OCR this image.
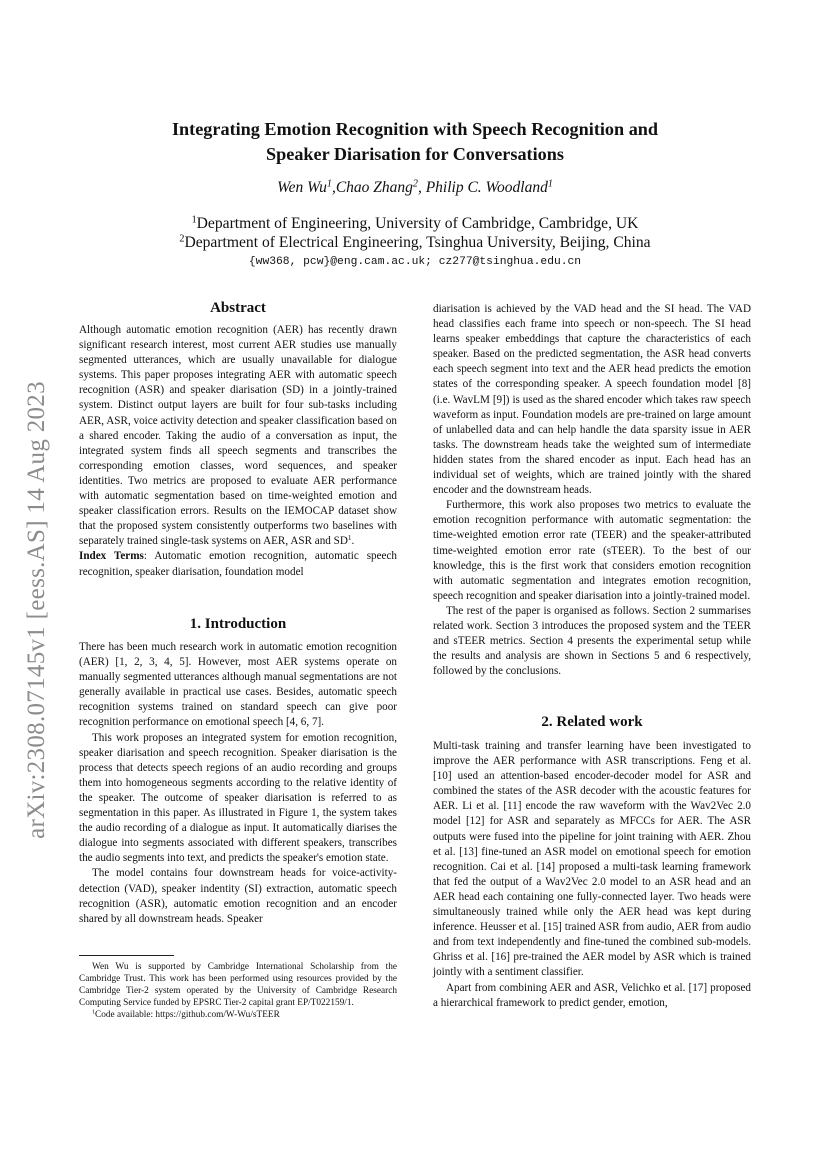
arXiv:2308.07145v1 [eess.AS] 14 Aug 2023
Integrating Emotion Recognition with Speech Recognition and
Speaker Diarisation for Conversations
Wen Wu$^1$,Chao Zhang$^2$, Philip C. Woodland$^1$
$^1$Department of Engineering, University of Cambridge, Cambridge, UK
$^2$Department of Electrical Engineering, Tsinghua University, Beijing, China
{ww368, pcw}@eng.cam.ac.uk; cz277@tsinghua.edu.cn
Abstract

Although automatic emotion recognition (AER) has recently drawn significant research interest, most current AER studies use manually segmented utterances, which are usually unavailable for dialogue systems. This paper proposes integrating AER with automatic speech recognition (ASR) and speaker diarisation (SD) in a jointly-trained system. Distinct output layers are built for four sub-tasks including AER, ASR, voice activity detection and speaker classification based on a shared encoder. Taking the audio of a conversation as input, the integrated system finds all speech segments and transcribes the corresponding emotion classes, word sequences, and speaker identities. Two metrics are proposed to evaluate AER performance with automatic segmentation based on time-weighted emotion and speaker classification errors. Results on the IEMOCAP dataset show that the proposed system consistently outperforms two baselines with separately trained single-task systems on AER, ASR and $SD^1$.

Index Terms: Automatic emotion recognition, automatic speech recognition, speaker diarisation, foundation model

1. Introduction

There has been much research work in automatic emotion recognition (AER) [1, 2, 3, 4, 5]. However, most AER systems operate on manually segmented utterances although manual segmentations are not generally available in practical use cases. Besides, automatic speech recognition systems trained on standard speech can give poor recognition performance on emotional speech [4, 6, 7].

This work proposes an integrated system for emotion recognition, speaker diarisation and speech recognition. Speaker diarisation is the process that detects speech regions of an audio recording and groups them into homogeneous segments according to the relative identity of the speaker. The outcome of speaker diarisation is referred to as segmentation in this paper. As illustrated in Figure 1, the system takes the audio recording of a dialogue as input. It automatically diarises the dialogue into segments associated with different speakers, transcribes the audio segments into text, and predicts the speaker's emotion state.

The model contains four downstream heads for voice-activity-detection (VAD), speaker indentity (SI) extraction, automatic speech recognition (ASR), automatic emotion recognition and an encoder shared by all downstream heads. Speaker

Wen Wu is supported by Cambridge International Scholarship from the Cambridge Trust. This work has been performed using resources provided by the Cambridge Tier-2 system operated by the University of Cambridge Research Computing Service funded by EPSRC Tier-2 capital grant EP/T022159/1.

$^1$Code available: https://github.com/W-Wu/sTEER

diarisation is achieved by the VAD head and the SI head. The VAD head classifies each frame into speech or non-speech. The SI head learns speaker embeddings that capture the characteristics of each speaker. Based on the predicted segmentation, the ASR head converts each speech segment into text and the AER head predicts the emotion states of the corresponding speaker. A speech foundation model [8] (i.e. WavLM [9]) is used as the shared encoder which takes raw speech waveform as input. Foundation models are pre-trained on large amount of unlabelled data and can help handle the data sparsity issue in AER tasks. The downstream heads take the weighted sum of intermediate hidden states from the shared encoder as input. Each head has an individual set of weights, which are trained jointly with the shared encoder and the downstream heads.

Furthermore, this work also proposes two metrics to evaluate the emotion recognition performance with automatic segmentation: the time-weighted emotion error rate (TEER) and the speaker-attributed time-weighted emotion error rate (sTEER). To the best of our knowledge, this is the first work that considers emotion recognition with automatic segmentation and integrates emotion recognition, speech recognition and speaker diarisation into a jointly-trained model.

The rest of the paper is organised as follows. Section 2 summarises related work. Section 3 introduces the proposed system and the TEER and sTEER metrics. Section 4 presents the experimental setup while the results and analysis are shown in Sections 5 and 6 respectively, followed by the conclusions.

2. Related work

Multi-task training and transfer learning have been investigated to improve the AER performance with ASR transcriptions. Feng et al. [10] used an attention-based encoder-decoder model for ASR and combined the states of the ASR decoder with the acoustic features for AER. Li et al. [11] encode the raw waveform with the Wav2Vec 2.0 model [12] for ASR and separately as MFCCs for AER. The ASR outputs were fused into the pipeline for joint training with AER. Zhou et al. [13] fine-tuned an ASR model on emotional speech for emotion recognition. Cai et al. [14] proposed a multi-task learning framework that fed the output of a Wav2Vec 2.0 model to an ASR head and an AER head each containing one fully-connected layer. Two heads were simultaneously trained while only the AER head was kept during inference. Heusser et al. [15] trained ASR from audio, AER from audio and from text independently and fine-tuned the combined sub-models. Ghriss et al. [16] pre-trained the AER model by ASR which is trained jointly with a sentiment classifier.

Apart from combining AER and ASR, Velichko et al. [17] proposed a hierarchical framework to predict gender, emotion,
